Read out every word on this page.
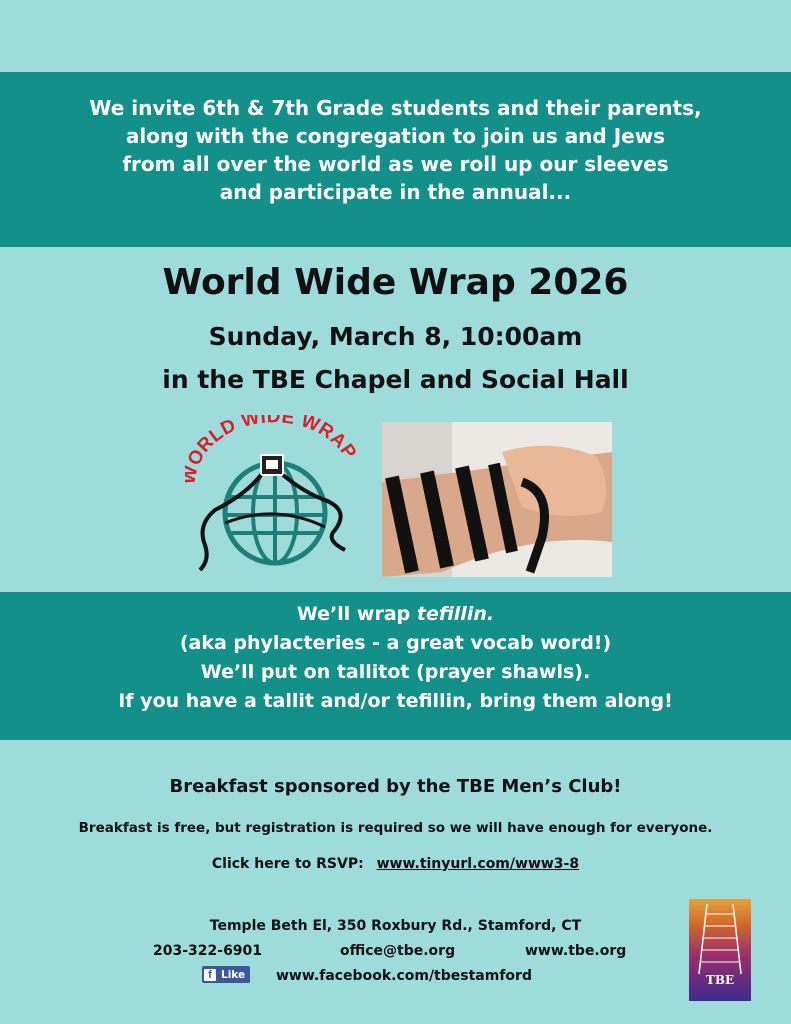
We invite 6th & 7th Grade students and their parents,
along with the congregation to join us and Jews
from all over the world as we roll up our sleeves
and participate in the annual...
World Wide Wrap 2026
Sunday, March 8, 10:00am
in the TBE Chapel and Social Hall
ORLD WIDE WRAP
We’ll wrap tefillin.
(aka phylacteries - a great vocab word!)
We’ll put on tallitot (prayer shawls).
If you have a tallit and/or tefillin, bring them along!
Breakfast sponsored by the TBE Men’s Club!
Breakfast is free, but registration is required so we will have enough for everyone.
Click here to RSVP: www.tinyurl.com/www3-8
Temple Beth El, 350 Roxbury Rd., Stamford, CT
203-322-6901	office@tbe.org	www.tbe.org
f Like www.facebook.com/tbestamford	TBE
